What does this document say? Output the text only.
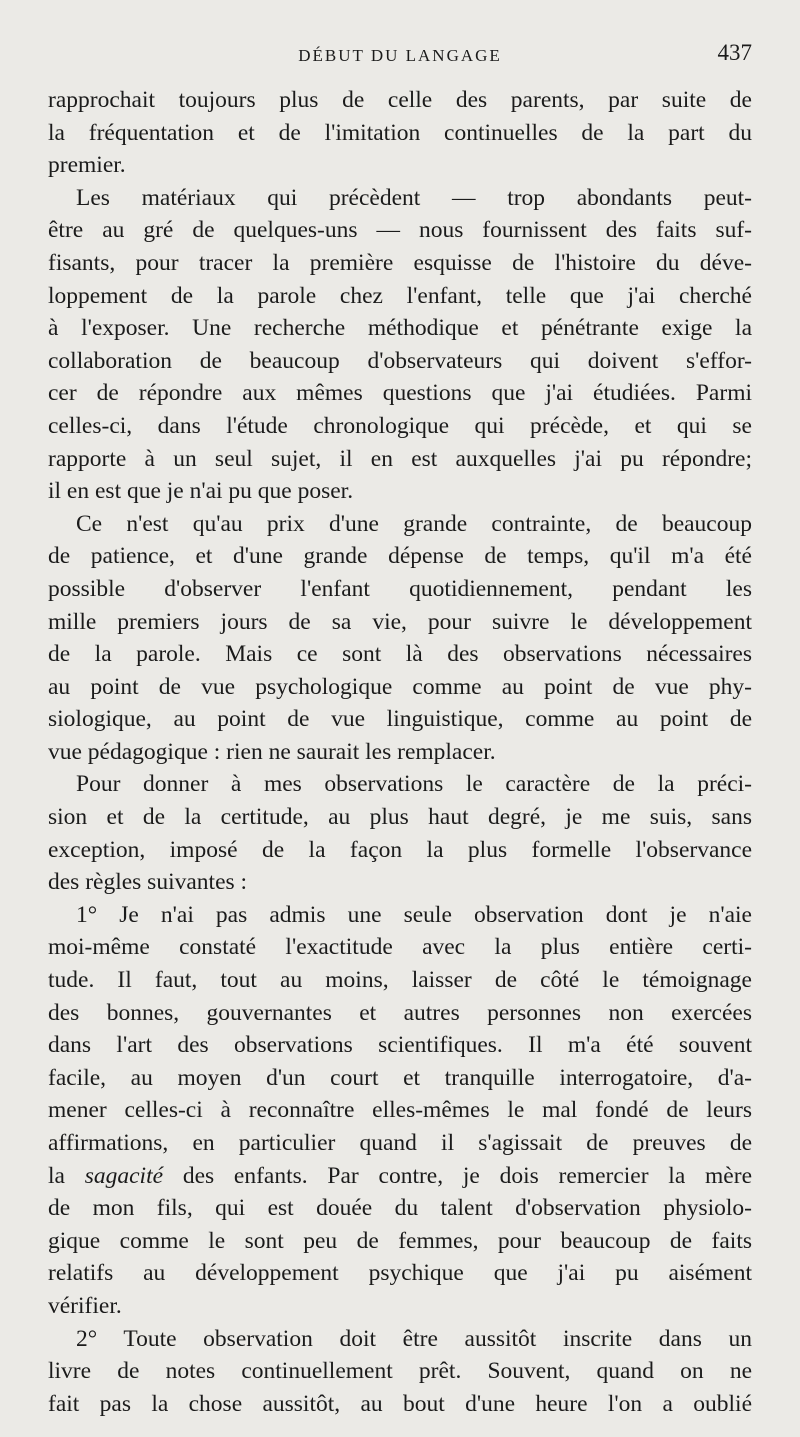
DÉBUT DU LANGAGE	437
rapprochait toujours plus de celle des parents, par suite de
la fréquentation et de l'imitation continuelles de la part du
premier.
Les matériaux qui précèdent — trop abondants peut-
être au gré de quelques-uns — nous fournissent des faits suf-
fisants, pour tracer la première esquisse de l'histoire du déve-
loppement de la parole chez l'enfant, telle que j'ai cherché
à l'exposer. Une recherche méthodique et pénétrante exige la
collaboration de beaucoup d'observateurs qui doivent s'effor-
cer de répondre aux mêmes questions que j'ai étudiées. Parmi
celles-ci, dans l'étude chronologique qui précède, et qui se
rapporte à un seul sujet, il en est auxquelles j'ai pu répondre;
il en est que je n'ai pu que poser.
Ce n'est qu'au prix d'une grande contrainte, de beaucoup
de patience, et d'une grande dépense de temps, qu'il m'a été
possible d'observer l'enfant quotidiennement, pendant les
mille premiers jours de sa vie, pour suivre le développement
de la parole. Mais ce sont là des observations nécessaires
au point de vue psychologique comme au point de vue phy-
siologique, au point de vue linguistique, comme au point de
vue pédagogique : rien ne saurait les remplacer.
Pour donner à mes observations le caractère de la préci-
sion et de la certitude, au plus haut degré, je me suis, sans
exception, imposé de la façon la plus formelle l'observance
des règles suivantes :
1° Je n'ai pas admis une seule observation dont je n'aie
moi-même constaté l'exactitude avec la plus entière certi-
tude. Il faut, tout au moins, laisser de côté le témoignage
des bonnes, gouvernantes et autres personnes non exercées
dans l'art des observations scientifiques. Il m'a été souvent
facile, au moyen d'un court et tranquille interrogatoire, d'a-
mener celles-ci à reconnaître elles-mêmes le mal fondé de leurs
affirmations, en particulier quand il s'agissait de preuves de
la sagacité des enfants. Par contre, je dois remercier la mère
de mon fils, qui est douée du talent d'observation physiolo-
gique comme le sont peu de femmes, pour beaucoup de faits
relatifs au développement psychique que j'ai pu aisément
vérifier.
2° Toute observation doit être aussitôt inscrite dans un
livre de notes continuellement prêt. Souvent, quand on ne
fait pas la chose aussitôt, au bout d'une heure l'on a oublié
